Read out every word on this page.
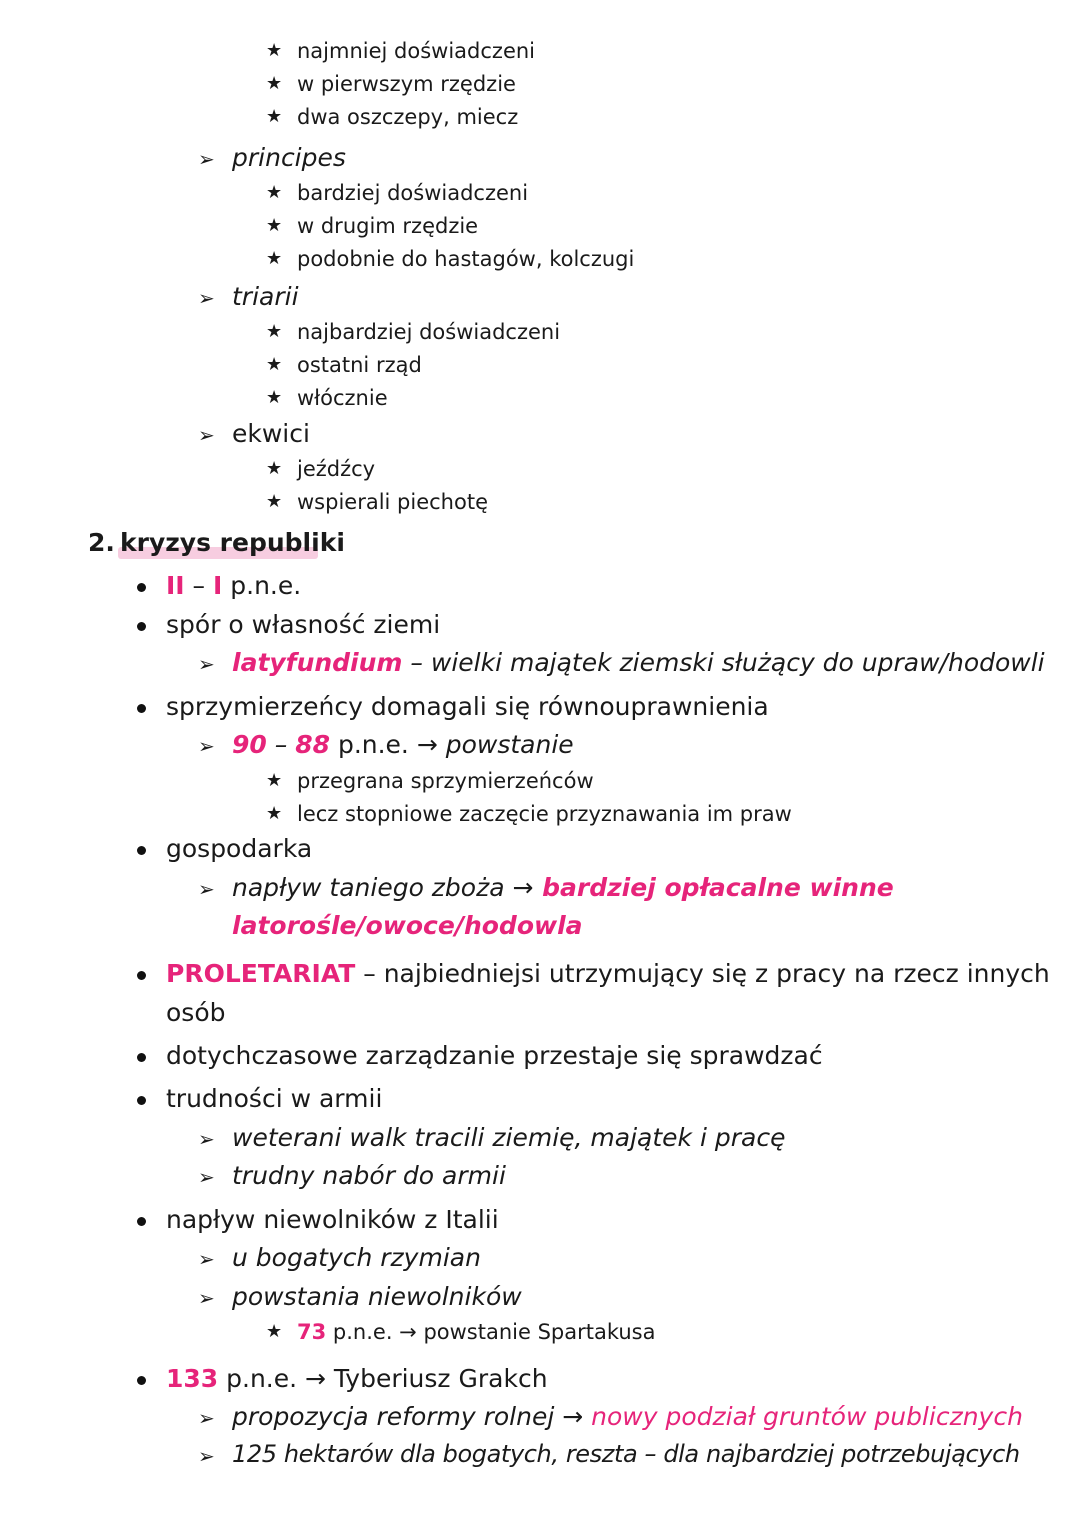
★ najmniej doświadczeni
★ w pierwszym rzędzie
★ dwa oszczepy, miecz
➢ principes
★ bardziej doświadczeni
★ w drugim rzędzie
★ podobnie do hastagów, kolczugi
➢ triarii
★ najbardziej doświadczeni
★ ostatni rząd
★ włócznie
➢ ekwici
★ jeźdźcy
★ wspierali piechotę
2. kryzys republiki
II – I p.n.e.
spór o własność ziemi
➢ latyfundium – wielki majątek ziemski służący do upraw/hodowli
sprzymierzeńcy domagali się równouprawnienia
➢ 90 – 88 p.n.e. → powstanie
★ przegrana sprzymierzeńców
★ lecz stopniowe zaczęcie przyznawania im praw
gospodarka
➢ napływ taniego zboża → bardziej opłacalne winne
latorośle/owoce/hodowla
PROLETARIAT – najbiedniejsi utrzymujący się z pracy na rzecz innych
osób
dotychczasowe zarządzanie przestaje się sprawdzać
trudności w armii
➢ weterani walk tracili ziemię, majątek i pracę
➢ trudny nabór do armii
napływ niewolników z Italii
➢ u bogatych rzymian
➢ powstania niewolników
★ 73 p.n.e. → powstanie Spartakusa
133 p.n.e. → Tyberiusz Grakch
➢ propozycja reformy rolnej → nowy podział gruntów publicznych
➢ 125 hektarów dla bogatych, reszta – dla najbardziej potrzebujących
